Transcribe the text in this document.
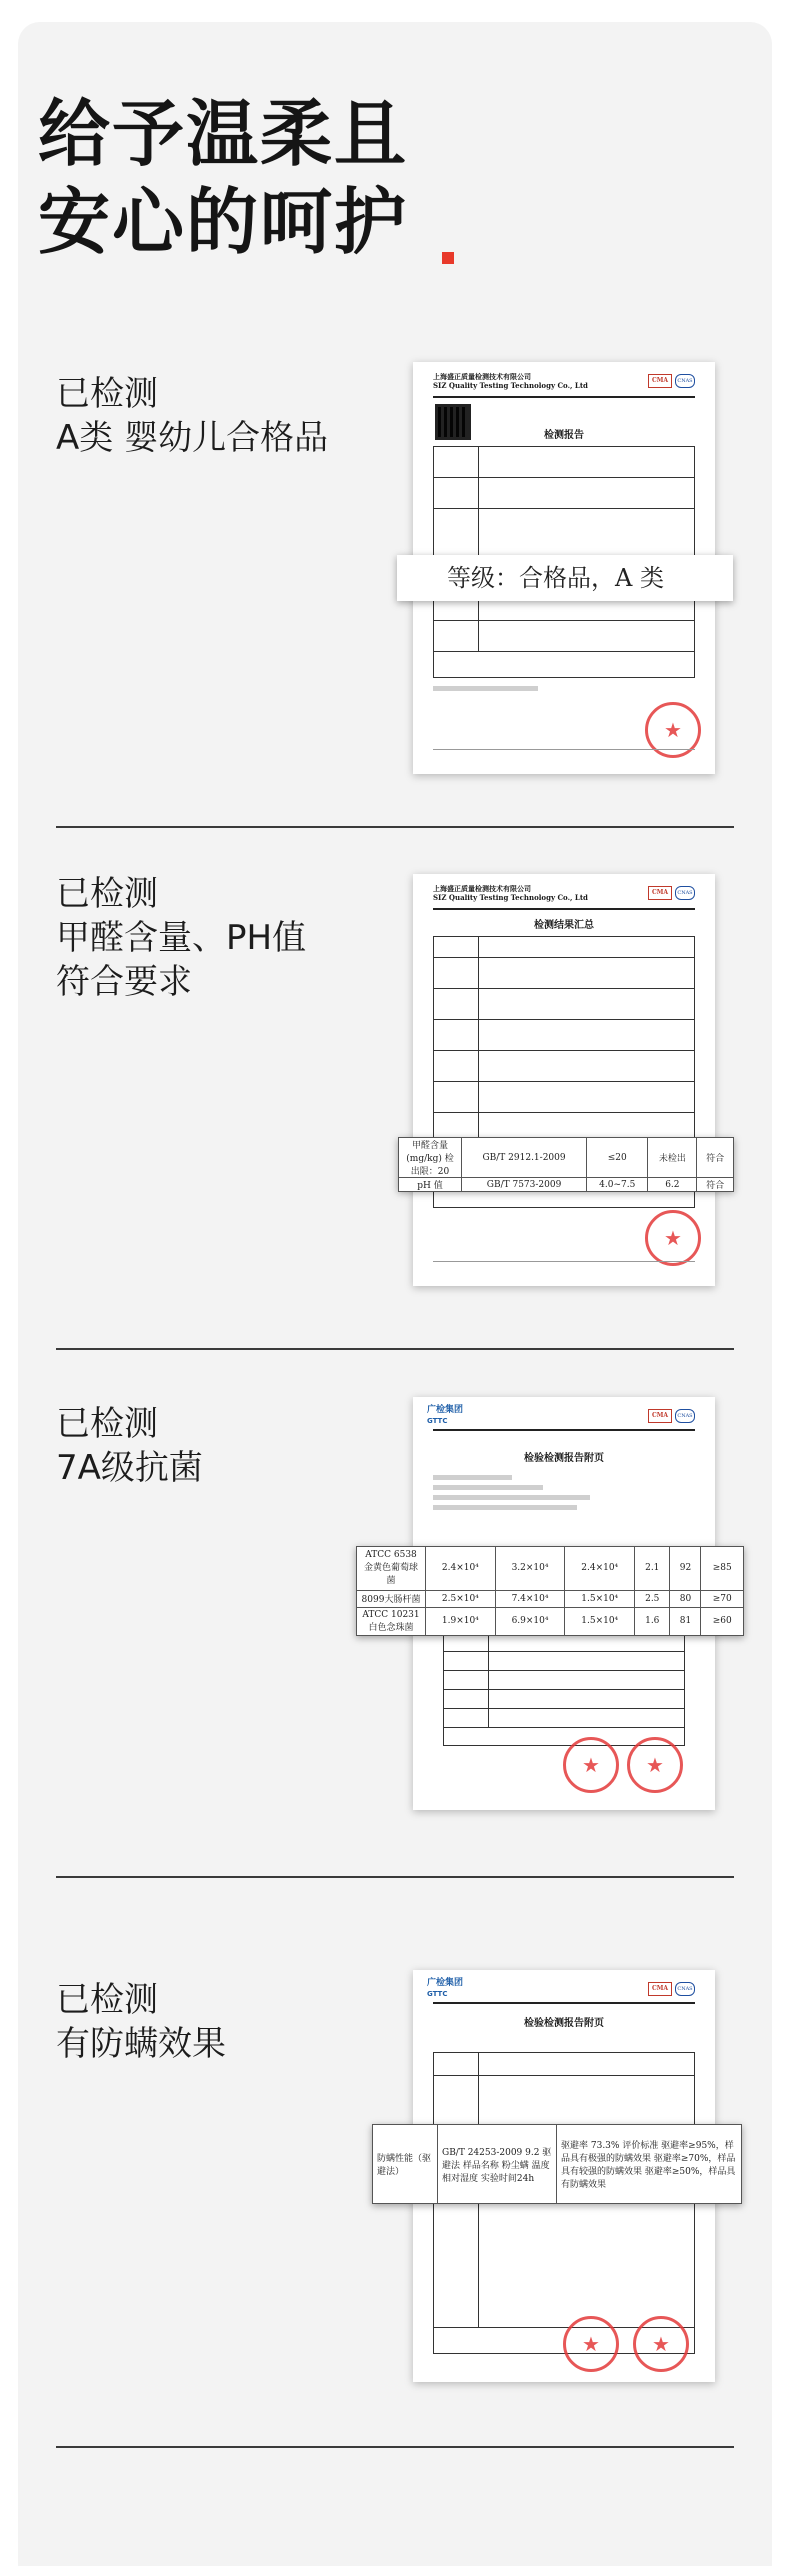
给予温柔且
安心的呵护
已检测
A类 婴幼儿合格品
上海盛正质量检测技术有限公司
SIZ Quality Testing Technology Co., Ltd
CMA	CNAS
检测报告
★
等级：合格品，A 类
已检测
甲醛含量、PH值
符合要求
上海盛正质量检测技术有限公司
SIZ Quality Testing Technology Co., Ltd
CMA	CNAS
检测结果汇总
★
甲醛含量 (mg/kg) 检出限：20	GB/T 2912.1-2009	≤20	未检出	符合
pH 值	GB/T 7573-2009	4.0~7.5	6.2	符合
已检测
7A级抗菌
广检集团
GTTC
CMA	CNAS
检验检测报告附页
★	★
ATCC 6538金黄色葡萄球菌	2.4×10⁴	3.2×10⁴	2.4×10⁴	2.1	92	≥85
8099大肠杆菌	2.5×10⁴	7.4×10⁴	1.5×10⁴	2.5	80	≥70
ATCC 10231白色念珠菌	1.9×10⁴	6.9×10⁴	1.5×10⁴	1.6	81	≥60
已检测
有防螨效果
广检集团
GTTC
CMA	CNAS
检验检测报告附页
★	★
防螨性能（驱避法）	GB/T 24253-2009 9.2 驱避法 样品名称 粉尘螨 温度 相对湿度 实验时间24h	驱避率 73.3% 评价标准 驱避率≥95%，样品具有极强的防螨效果 驱避率≥70%，样品具有较强的防螨效果 驱避率≥50%，样品具有防螨效果
